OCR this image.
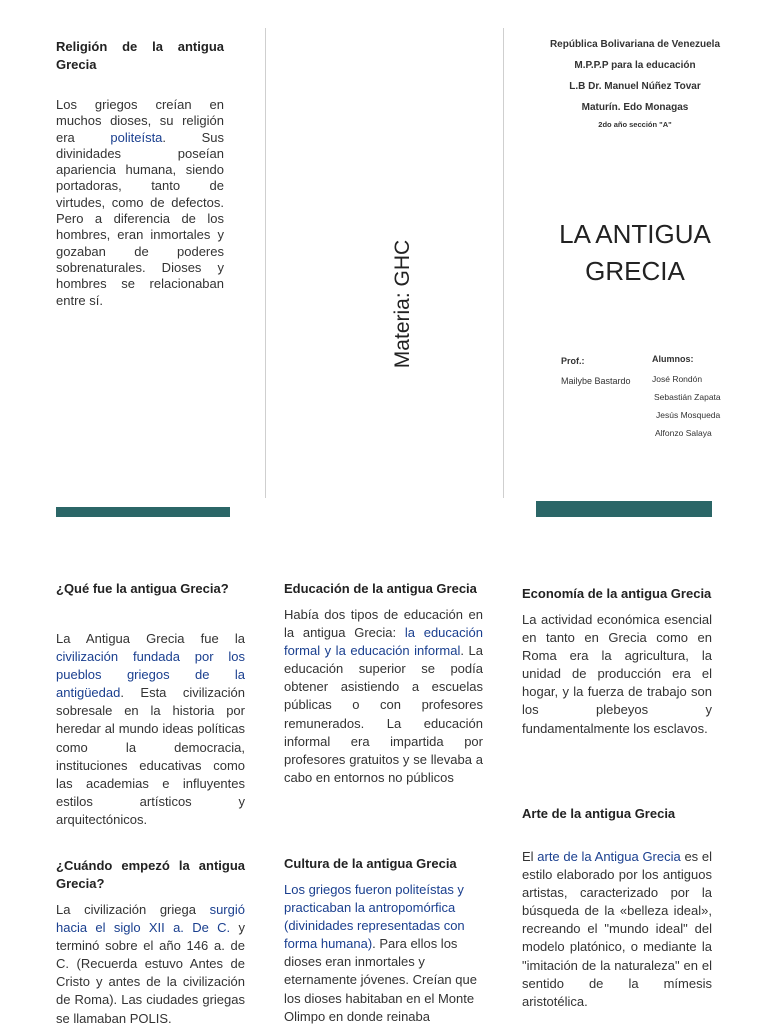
Religión de la antigua Grecia
Los griegos creían en muchos dioses, su religión era politeísta. Sus divinidades poseían apariencia humana, siendo portadoras, tanto de virtudes, como de defectos. Pero a diferencia de los hombres, eran inmortales y gozaban de poderes sobrenaturales. Dioses y hombres se relacionaban entre sí.	Materia: GHC
República Bolivariana de Venezuela
M.P.P.P para la educación
L.B Dr. Manuel Núñez Tovar
Maturín. Edo Monagas
2do año sección "A"
LA ANTIGUA GRECIA
Prof.:
Mailybe Bastardo
Alumnos:
José Rondón
Sebastián Zapata
Jesús Mosqueda
Alfonzo Salaya
¿Qué fue la antigua Grecia?
La Antigua Grecia fue la civilización fundada por los pueblos griegos de la antigüedad. Esta civilización sobresale en la historia por heredar al mundo ideas políticas como la democracia, instituciones educativas como las academias e influyentes estilos artísticos y arquitectónicos.
¿Cuándo empezó la antigua Grecia?
La civilización griega surgió hacia el siglo XII a. De C. y terminó sobre el año 146 a. de C. (Recuerda estuvo Antes de Cristo y antes de la civilización de Roma). Las ciudades griegas se llamaban POLIS.
Educación de la antigua Grecia
Había dos tipos de educación en la antigua Grecia: la educación formal y la educación informal. La educación superior se podía obtener asistiendo a escuelas públicas o con profesores remunerados. La educación informal era impartida por profesores gratuitos y se llevaba a cabo en entornos no públicos
Cultura de la antigua Grecia
Los griegos fueron politeístas y practicaban la antropomórfica (divinidades representadas con forma humana). Para ellos los dioses eran inmortales y eternamente jóvenes. Creían que los dioses habitaban en el Monte Olimpo en donde reinaba
Economía de la antigua Grecia
La actividad económica esencial en tanto en Grecia como en Roma era la agricultura, la unidad de producción era el hogar, y la fuerza de trabajo son los plebeyos y fundamentalmente los esclavos.
Arte de la antigua Grecia
El arte de la Antigua Grecia es el estilo elaborado por los antiguos artistas, caracterizado por la búsqueda de la «belleza ideal», recreando el "mundo ideal" del modelo platónico, o mediante la "imitación de la naturaleza" en el sentido de la mímesis aristotélica.
